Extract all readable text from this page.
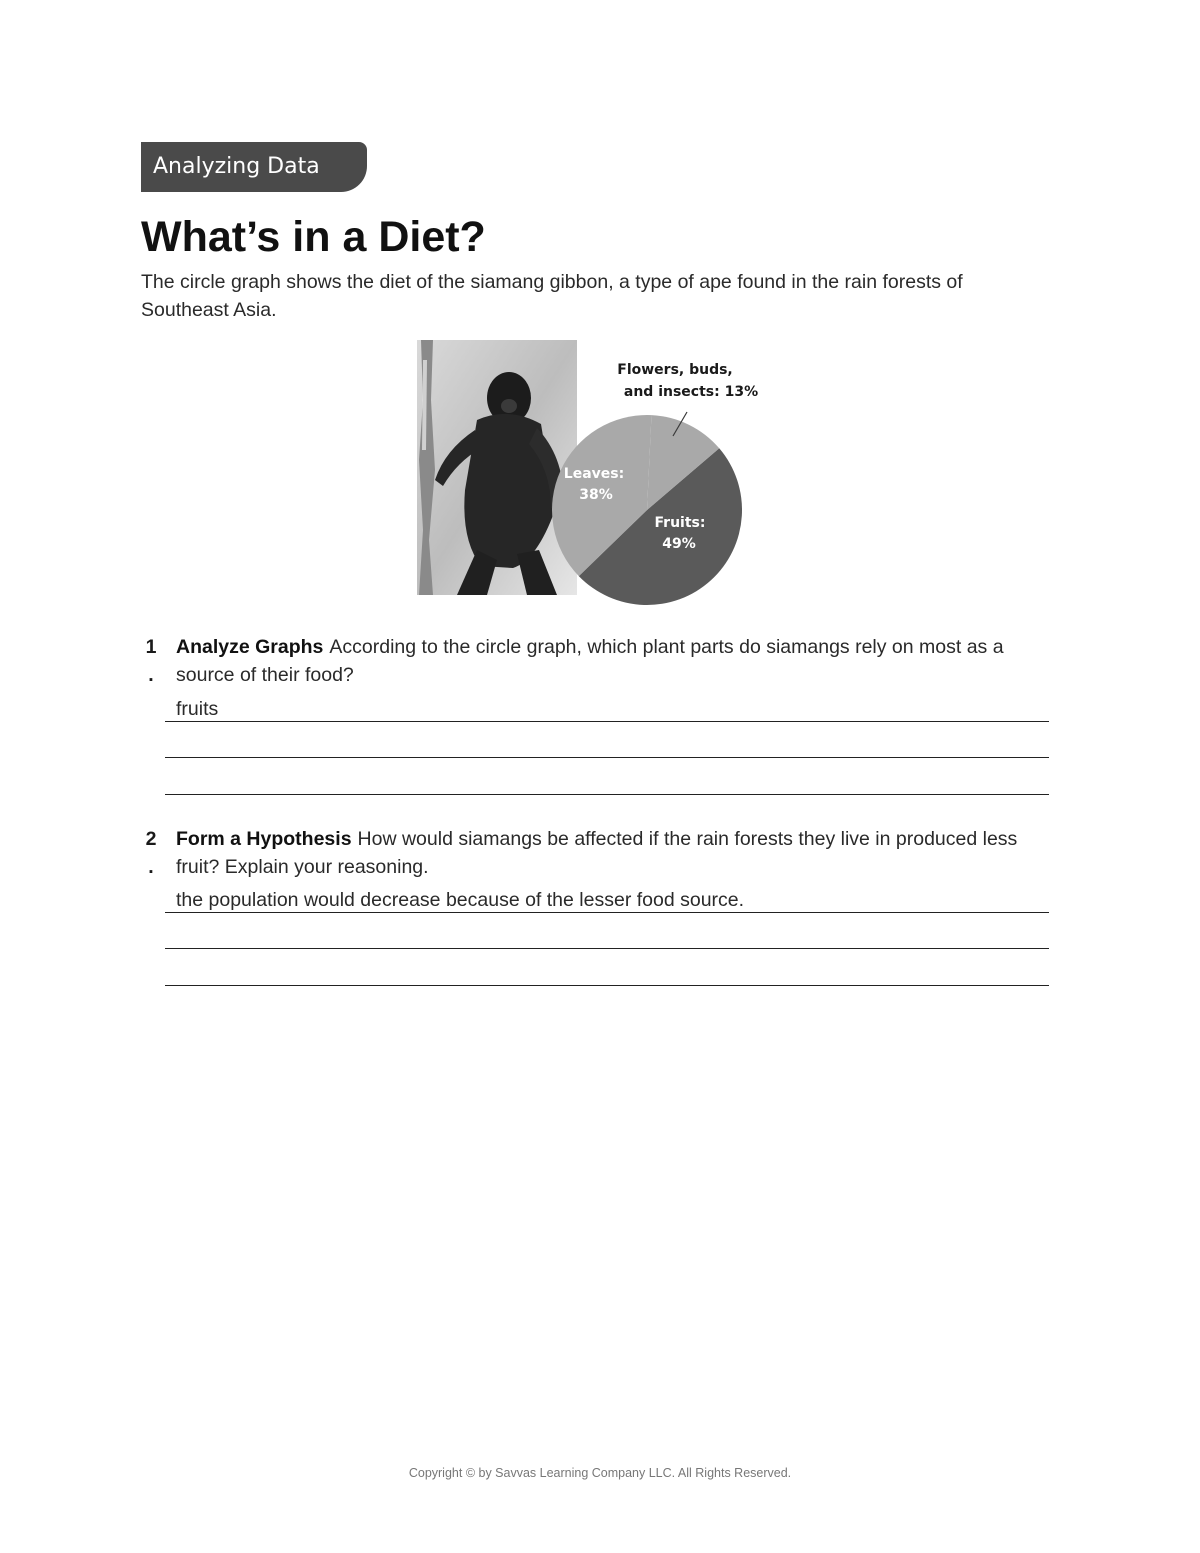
Analyzing Data
What’s in a Diet?

The circle graph shows the diet of the siamang gibbon, a type of ape found in the rain forests of Southeast Asia.

Flowers, buds,
and insects: 13%
Leaves:
38%
Fruits:
49%
1
.

Analyze Graphs According to the circle graph, which plant parts do siamangs rely on most as a source of their food?

fruits
2
.

Form a Hypothesis How would siamangs be affected if the rain forests they live in produced less fruit? Explain your reasoning.

the population would decrease because of the lesser food source.
Copyright © by Savvas Learning Company LLC. All Rights Reserved.
